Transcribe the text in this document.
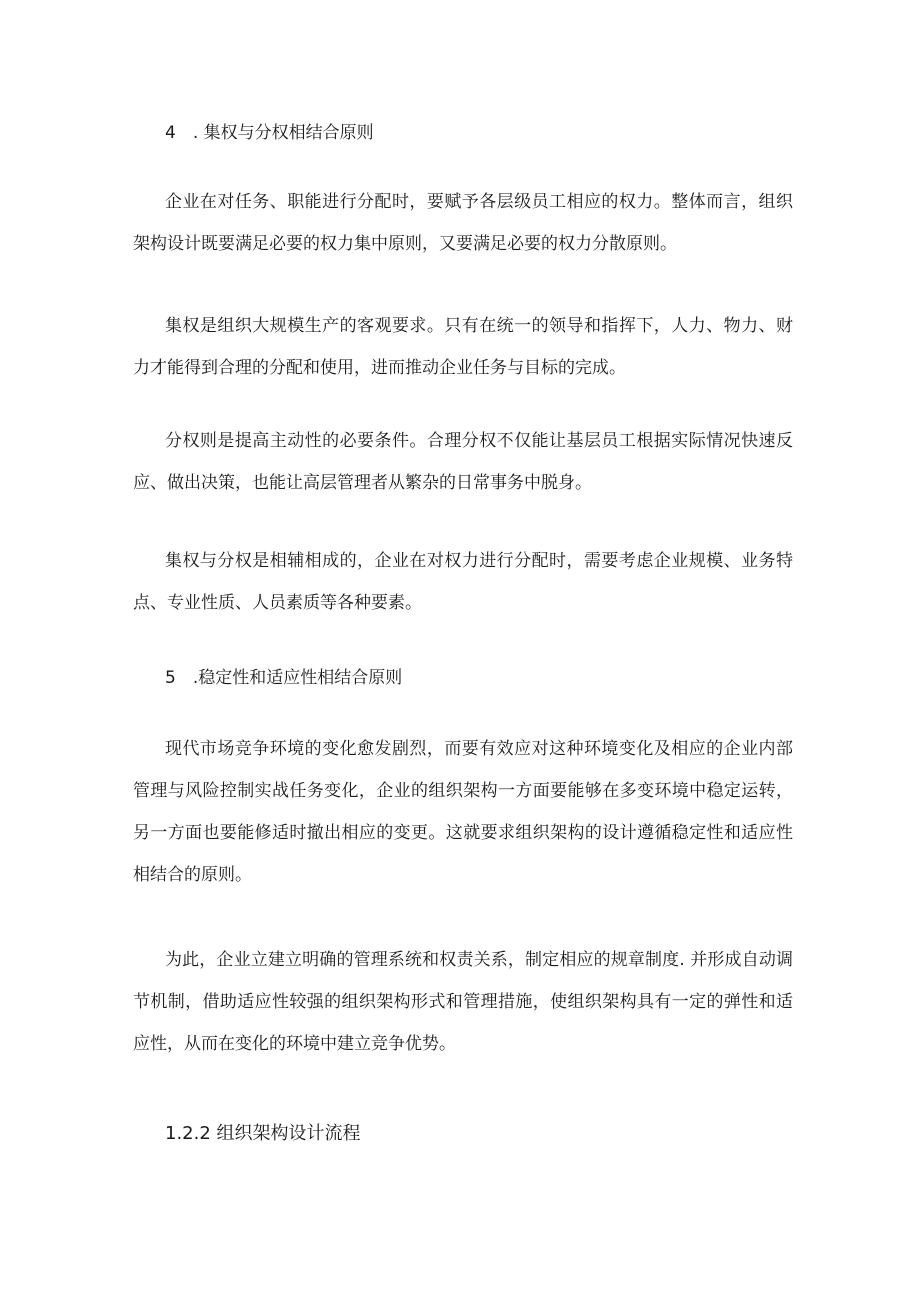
4　. 集权与分权相结合原则

企业在对任务、职能进行分配时，要赋予各层级员工相应的权力。整体而言，组织架构设计既要满足必要的权力集中原则，又要满足必要的权力分散原则。

集权是组织大规模生产的客观要求。只有在统一的领导和指挥下，人力、物力、财力才能得到合理的分配和使用，进而推动企业任务与目标的完成。

分权则是提高主动性的必要条件。合理分权不仅能让基层员工根据实际情况快速反应、做出决策，也能让高层管理者从繁杂的日常事务中脱身。

集权与分权是相辅相成的，企业在对权力进行分配时，需要考虑企业规模、业务特点、专业性质、人员素质等各种要素。

5　.稳定性和适应性相结合原则

现代市场竞争环境的变化愈发剧烈，而要有效应对这种环境变化及相应的企业内部管理与风险控制实战任务变化，企业的组织架构一方面要能够在多变环境中稳定运转，另一方面也要能修适时撤出相应的变更。这就要求组织架构的设计遵循稳定性和适应性相结合的原则。

为此，企业立建立明确的管理系统和权责关系，制定相应的规章制度. 并形成自动调节机制，借助适应性较强的组织架构形式和管理措施，使组织架构具有一定的弹性和适应性，从而在变化的环境中建立竞争优势。

1.2.2 组织架构设计流程
